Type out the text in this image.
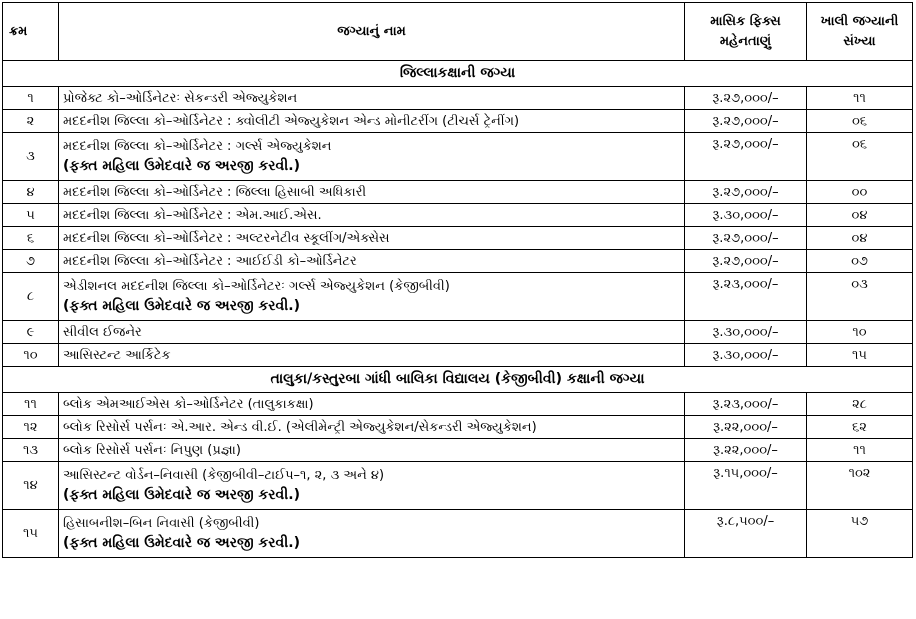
ક્રમ	જગ્યાનું નામ	માસિક ફિક્સ મહેનતાણું	ખાલી જગ્યાની સંખ્યા
જિલ્લાકક્ષાની જગ્યા			
૧	પ્રોજેક્ટ કો–ઓર્ડિનેટરઃ સેકન્ડરી એજ્યુકેશન	રૂ.૨૭,૦૦૦/–	૧૧
૨	મદદનીશ જિલ્લા કો–ઓર્ડિનેટર : ક્વોલીટી એજ્યુકેશન એન્ડ મોનીટરીંગ (ટીચર્સ ટ્રેનીંગ)	રૂ.૨૭,૦૦૦/–	૦૬
૩	મદદનીશ જિલ્લા કો–ઓર્ડિનેટર : ગર્લ્સ એજ્યુકેશન
(ફક્ત મહિલા ઉમેદવારે જ અરજી કરવી.)	રૂ.૨૭,૦૦૦/–	૦૬
૪	મદદનીશ જિલ્લા કો–ઓર્ડિનેટર : જિલ્લા હિસાબી અધિકારી	રૂ.૨૭,૦૦૦/–	૦૦
૫	મદદનીશ જિલ્લા કો–ઓર્ડિનેટર : એમ.આઈ.એસ.	રૂ.૩૦,૦૦૦/–	૦૪
૬	મદદનીશ જિલ્લા કો–ઓર્ડિનેટર : અલ્ટરનેટીવ સ્કૂલીંગ/એક્સેસ	રૂ.૨૭,૦૦૦/–	૦૪
૭	મદદનીશ જિલ્લા કો–ઓર્ડિનેટર : આઈઈડી કો–ઓર્ડિનેટર	રૂ.૨૭,૦૦૦/–	૦૭
૮	એડીશનલ મદદનીશ જિલ્લા કો–ઓર્ડિનેટરઃ ગર્લ્સ એજ્યુકેશન (કેજીબીવી)
(ફક્ત મહિલા ઉમેદવારે જ અરજી કરવી.)	રૂ.૨૩,૦૦૦/–	૦૩
૯	સીવીલ ઈજનેર	રૂ.૩૦,૦૦૦/–	૧૦
૧૦	આસિસ્ટન્ટ આર્કિટેક	રૂ.૩૦,૦૦૦/–	૧૫
તાલુકા/કસ્તુરબા ગાંધી બાલિકા વિદ્યાલય (કેજીબીવી) કક્ષાની જગ્યા			
૧૧	બ્લોક એમઆઈએસ કો–ઓર્ડિનેટર (તાલુકાકક્ષા)	રૂ.૨૩,૦૦૦/–	૨૮
૧૨	બ્લોક રિસોર્સ પર્સનઃ એ.આર. એન્ડ વી.ઈ. (એલીમેન્ટ્રી એજ્યુકેશન/સેકન્ડરી એજ્યુકેશન)	રૂ.૨૨,૦૦૦/–	૬૨
૧૩	બ્લોક રિસોર્સ પર્સનઃ નિપુણ (પ્રજ્ઞા)	રૂ.૨૨,૦૦૦/–	૧૧
૧૪	આસિસ્ટન્ટ વોર્ડન–નિવાસી (કેજીબીવી–ટાઈપ–૧, ૨, ૩ અને ૪)
(ફક્ત મહિલા ઉમેદવારે જ અરજી કરવી.)	રૂ.૧૫,૦૦૦/–	૧૦૨
૧૫	હિસાબનીશ–બિન નિવાસી (કેજીબીવી)
(ફક્ત મહિલા ઉમેદવારે જ અરજી કરવી.)	રૂ.૮,૫૦૦/–	૫૭
